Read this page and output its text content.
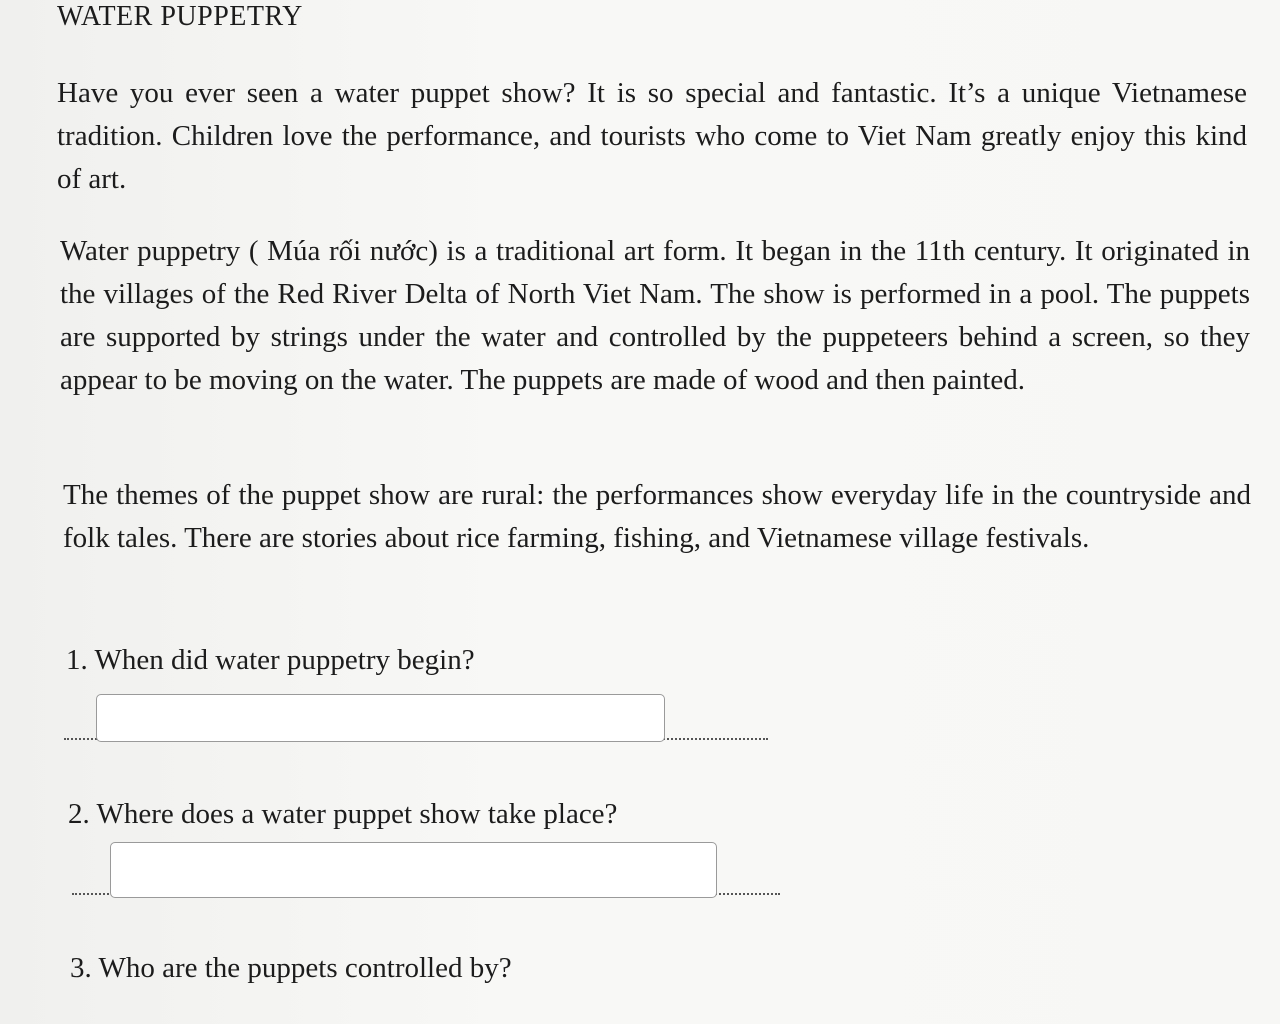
WATER PUPPETRY

Have you ever seen a water puppet show? It is so special and fantastic. It’s a unique Vietnamese tradition. Children love the performance, and tourists who come to Viet Nam greatly enjoy this kind of art.

Water puppetry ( Múa rối nước) is a traditional art form. It began in the 11th century. It originated in the villages of the Red River Delta of North Viet Nam. The show is performed in a pool. The puppets are supported by strings under the water and controlled by the puppeteers behind a screen, so they appear to be moving on the water. The puppets are made of wood and then painted.

The themes of the puppet show are rural: the performances show everyday life in the countryside and folk tales. There are stories about rice farming, fishing, and Vietnamese village festivals.

1. When did water puppetry begin?

2. Where does a water puppet show take place?

3. Who are the puppets controlled by?
